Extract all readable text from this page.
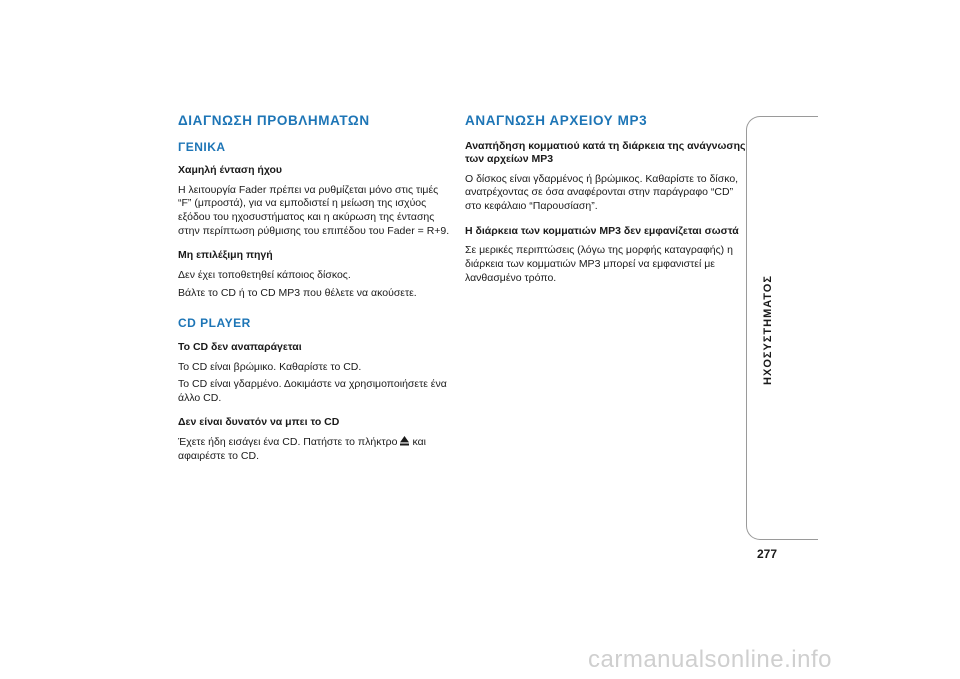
ΔΙΑΓΝΩΣΗ ΠΡΟΒΛΗΜΑΤΩΝ
ΓΕΝΙΚΑ
Χαμηλή ένταση ήχου

Η λειτουργία Fader πρέπει να ρυθμίζεται μόνο στις τιμές “F” (μπροστά), για να εμποδιστεί η μείωση της ισχύος εξόδου του ηχοσυστήματος και η ακύρωση της έντασης στην περίπτωση ρύθμισης του επιπέδου του Fader = R+9.

Μη επιλέξιμη πηγή

Δεν έχει τοποθετηθεί κάποιος δίσκος.

Βάλτε το CD ή το CD MP3 που θέλετε να ακούσετε.

CD PLAYER
Το CD δεν αναπαράγεται

Το CD είναι βρώμικο. Καθαρίστε το CD.

Το CD είναι γδαρμένο. Δοκιμάστε να χρησιμοποιήσετε ένα άλλο CD.

Δεν είναι δυνατόν να μπει το CD

Έχετε ήδη εισάγει ένα CD. Πατήστε το πλήκτρο και αφαιρέστε το CD.

ΑΝΑΓΝΩΣΗ ΑΡΧΕΙΟΥ MP3
Αναπήδηση κομματιού κατά τη διάρκεια της ανάγνωσης των αρχείων MP3

Ο δίσκος είναι γδαρμένος ή βρώμικος. Καθαρίστε το δίσκο, ανατρέχοντας σε όσα αναφέρονται στην παράγραφο “CD” στο κεφάλαιο “Παρουσίαση”.

Η διάρκεια των κομματιών MP3 δεν εμφανίζεται σωστά

Σε μερικές περιπτώσεις (λόγω της μορφής καταγραφής) η διάρκεια των κομματιών MP3 μπορεί να εμφανιστεί με λανθασμένο τρόπο.	ΗΧΟΣΥΣΤΗΜΑΤΟΣ
277
carmanualsonline.info
